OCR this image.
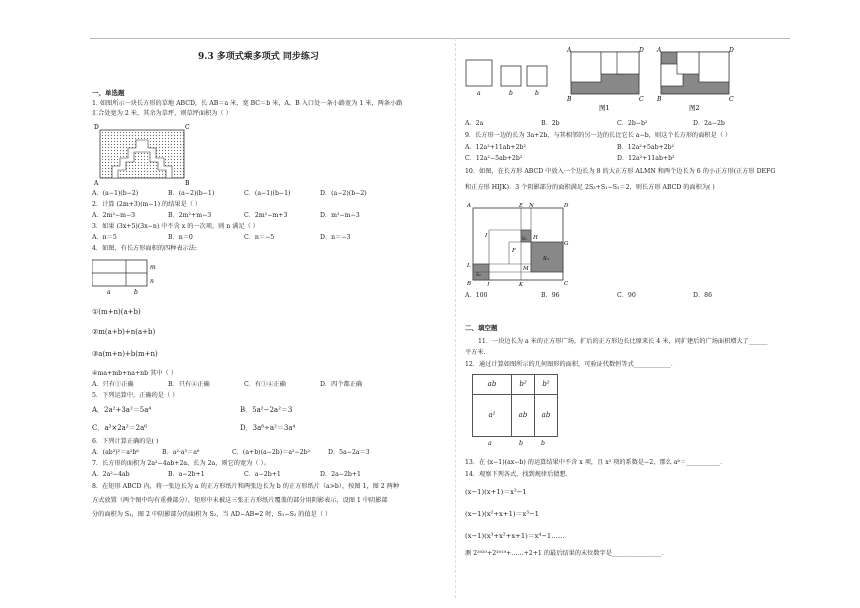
9.3 多项式乘多项式 同步练习
一、单选题
1. 如图所示一块长方形的草地 ABCD，长 AB＝a 米，宽 BC＝b 米，A，B 入口处一条小路宽为 1 米，两条小路
汇合处宽为 2 米，其余为草坪，则草坪面积为（ ）
D	C
A	B
A．(a−1)(b−2)	B．(a−2)(b−1)	C．(a−1)(b−1)	D．(a−2)(b−2)
2．计算 (2m+3)(m−1) 的结果是（ ）
A．2m²−m−3	B．2m²+m−3	C．2m²−m+3	D．m²−m−3
3．如果 (3x+5)(3x−n) 中不含 x 的一次项，则 n 满足（ ）
A．n＝5	B．n＝0	C．n＝−5	D．n＝−3
4．如图，有长方形面积的四种表示法:
m
n
a	b
①(m+n)(a+b)
②m(a+b)+n(a+b)
③a(m+n)+b(m+n)
④ma+mb+na+nb 其中（ ）
A．只有①正确	B．只有④正确	C．有①④正确	D．四个都正确
5．下列运算中，正确的是（ ）
A．2a²+3a²＝5a⁴	B．5a²−2a²＝3
C．a³×2a²＝2a⁶	D．3a⁸÷a²＝3a⁴
6．下列计算正确的是( )
A．(ab³)²＝a²b⁶	B．a²·a³＝a⁶	C．(a+b)(a−2b)＝a²−2b²	D．5a−2a＝3
7．长方形的面积为 2a²−4ab+2a，长为 2a，则它的宽为（ ）。
A．2a²−4ab	B．a−2b+1	C．a−2b+1	D．2a−2b+1
8．在矩形 ABCD 内，将一张边长为 a 的正方形纸片和两张边长为 b 的正方形纸片（a>b），按图 1，图 2 两种
方式放置（两个图中均有重叠部分），矩形中未被这三张正方形纸片覆盖的部分用阴影表示，设图 1 中阴影部
分的面积为 S₁，图 2 中阴影部分的面积为 S₂，当 AD−AB=2 时，S₁−S₂ 的值是（ ）
a	b	b
A	D
B	C
图1
A	D
B	C
图2
A．2a	B．2b	C．2b−b²	D．2a−2b
9．长方形一边的长为 3a+2b，与其相邻的另一边的长比它长 a−b，则这个长方形的面积是（ ）
A．12a²+11ab+2b²	B．12a²+5ab+2b²
C．12a²−5ab+2b²	D．12a²+11ab+b²
10．如图，在长方形 ABCD 中放入一个边长为 8 的大正方形 ALMN 和两个边长为 6 的小正方形(正方形 DEFG
和正方形 HIJK)．3 个阴影部分的面积满足 2S₃+S₁−S₂＝2，则长方形 ABCD 的面积为( )
A	E N	D
S₂ H
I
G
F
S₃
L	M
S₁
B	J	K	C
A．100	B．96	C．90	D．86
二、填空题
11．一块边长为 a 米的正方形广场，扩后的正方形边长比原来长 4 米，问扩建后的广场面积增大了______
平方米．
12．通过计算如图所示的几何图形的面积，可验证代数恒等式____________．
ab	b²	b²
a²	ab	ab
a	b	b
13．在 (x−1)(ax−b) 的运算结果中不含 x 项，且 x² 项的系数是−2，那么 aᵇ＝___________．
14．观察下列各式，找到规律后猜想．
(x−1)(x+1)＝x²−1
(x−1)(x²+x+1)＝x³−1
(x−1)(x³+x²+x+1)＝x⁴−1……
测 2²⁰²⁰+2²⁰¹⁹+……+2+1 的最后结果的末位数字是________________．
